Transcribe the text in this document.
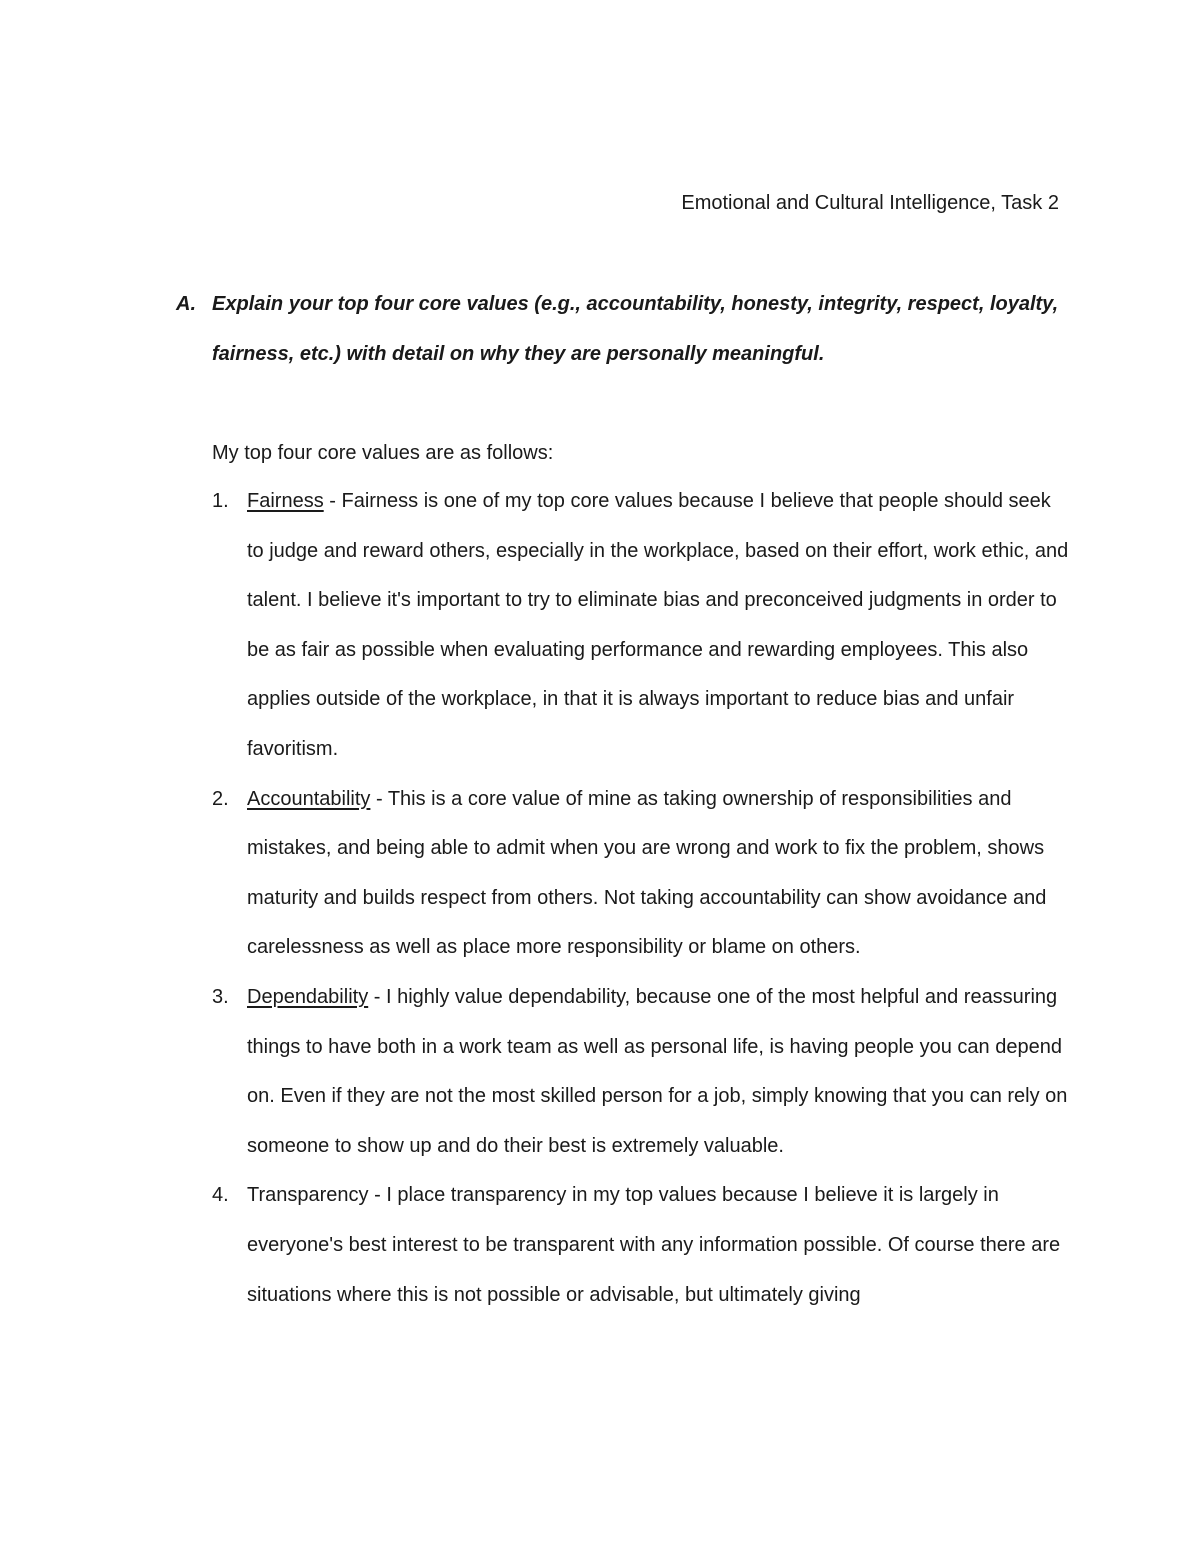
Emotional and Cultural Intelligence, Task 2
A. Explain your top four core values (e.g., accountability, honesty, integrity, respect, loyalty, fairness, etc.) with detail on why they are personally meaningful.
My top four core values are as follows:
1. Fairness - Fairness is one of my top core values because I believe that people should seek to judge and reward others, especially in the workplace, based on their effort, work ethic, and talent. I believe it's important to try to eliminate bias and preconceived judgments in order to be as fair as possible when evaluating performance and rewarding employees. This also applies outside of the workplace, in that it is always important to reduce bias and unfair favoritism.
2. Accountability - This is a core value of mine as taking ownership of responsibilities and mistakes, and being able to admit when you are wrong and work to fix the problem, shows maturity and builds respect from others. Not taking accountability can show avoidance and carelessness as well as place more responsibility or blame on others.
3. Dependability - I highly value dependability, because one of the most helpful and reassuring things to have both in a work team as well as personal life, is having people you can depend on. Even if they are not the most skilled person for a job, simply knowing that you can rely on someone to show up and do their best is extremely valuable.
4. Transparency - I place transparency in my top values because I believe it is largely in everyone's best interest to be transparent with any information possible. Of course there are situations where this is not possible or advisable, but ultimately giving
